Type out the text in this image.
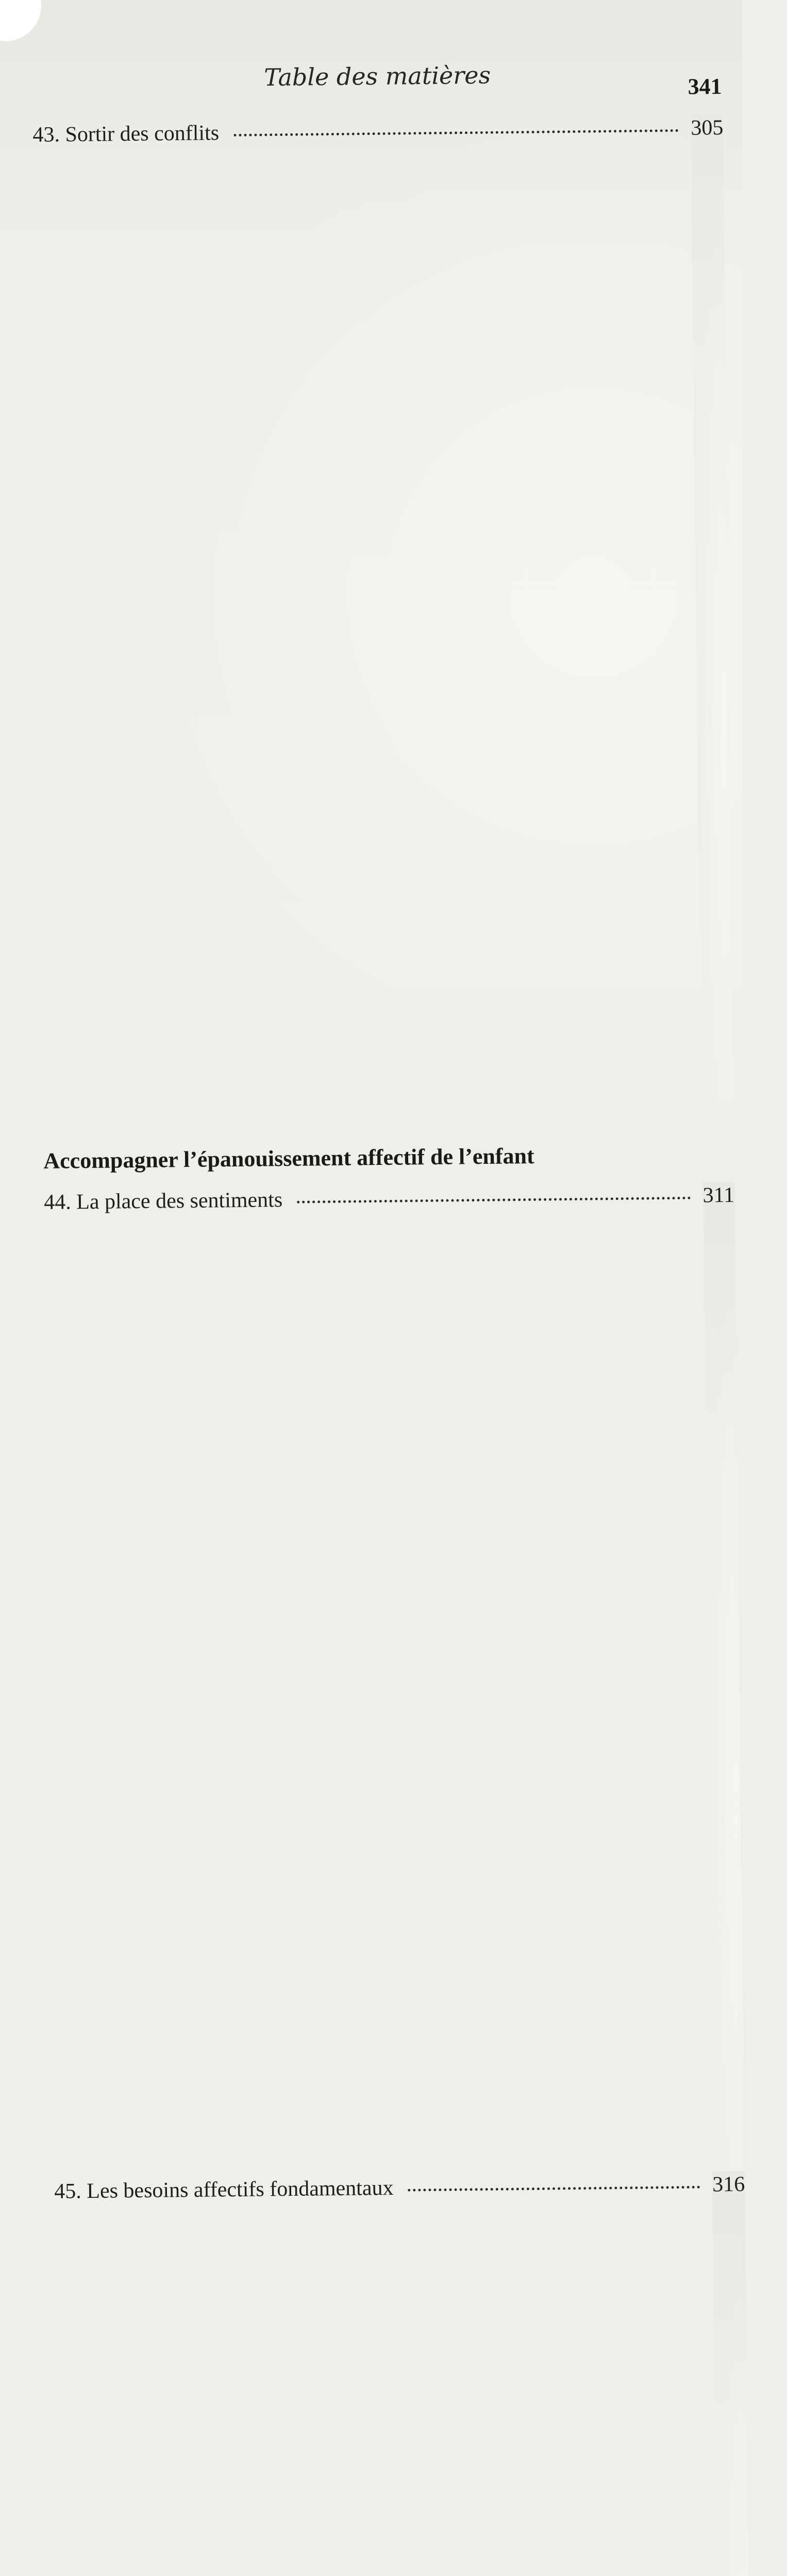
Table des matières	341
43. Sortir des conflits	305
Accompagner l’épanouissement affectif de l’enfant
44. La place des sentiments	311
45. Les besoins affectifs fondamentaux	316
